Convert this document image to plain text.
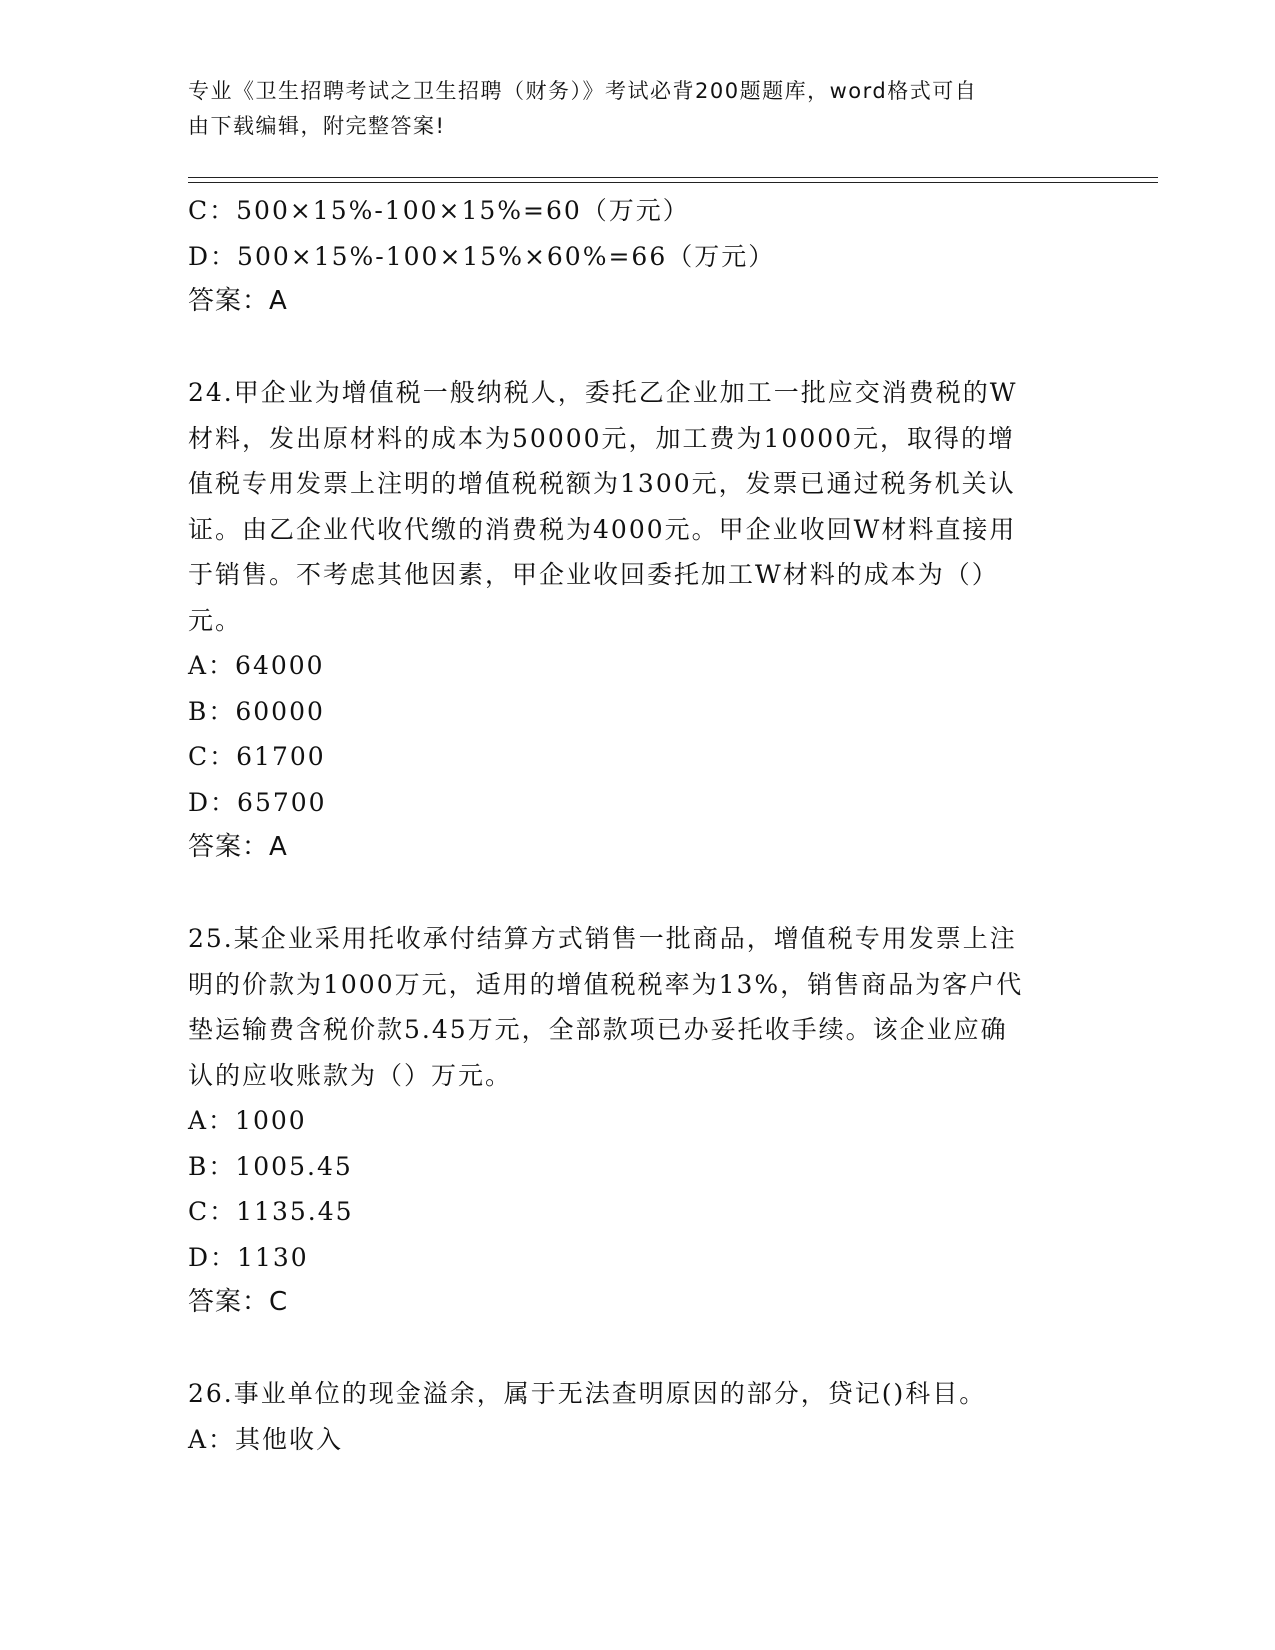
专业《卫生招聘考试之卫生招聘（财务）》考试必背200题题库，word格式可自
由下载编辑，附完整答案!
C：500×15%-100×15%=60（万元）
D：500×15%-100×15%×60%=66（万元）
答案：A
24.甲企业为增值税一般纳税人，委托乙企业加工一批应交消费税的W
材料，发出原材料的成本为50000元，加工费为10000元，取得的增
值税专用发票上注明的增值税税额为1300元，发票已通过税务机关认
证。由乙企业代收代缴的消费税为4000元。甲企业收回W材料直接用
于销售。不考虑其他因素，甲企业收回委托加工W材料的成本为（）
元。
A：64000
B：60000
C：61700
D：65700
答案：A
25.某企业采用托收承付结算方式销售一批商品，增值税专用发票上注
明的价款为1000万元，适用的增值税税率为13%，销售商品为客户代
垫运输费含税价款5.45万元，全部款项已办妥托收手续。该企业应确
认的应收账款为（）万元。
A：1000
B：1005.45
C：1135.45
D：1130
答案：C
26.事业单位的现金溢余，属于无法查明原因的部分，贷记()科目。
A：其他收入
